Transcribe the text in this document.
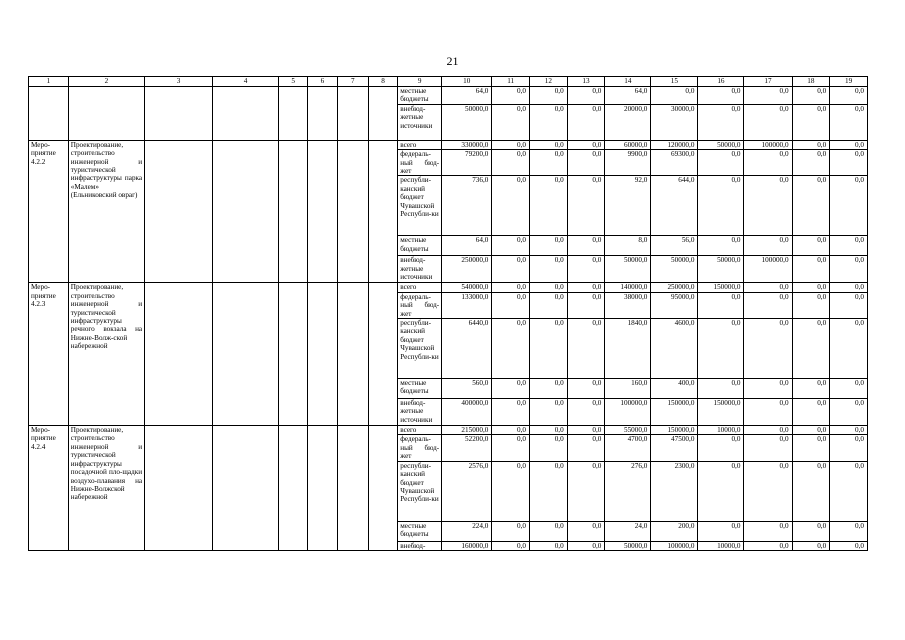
21
1	2	3	4	5	6	7	8	9	10	11	12	13	14	15	16	17	18	19
								местные бюджеты	64,0	0,0	0,0	0,0	64,0	0,0	0,0	0,0	0,0	0,0
								внебюд-жетные источники	50000,0	0,0	0,0	0,0	20000,0	30000,0	0,0	0,0	0,0	0,0
Меро-приятие 4.2.2	Проектирование, строительство инженерной и туристической инфраструктуры парка «Малем» (Ельниковский овраг)							всего	330000,0	0,0	0,0	0,0	60000,0	120000,0	50000,0	100000,0	0,0	0,0
								федераль-ный бюд-жет	79200,0	0,0	0,0	0,0	9900,0	69300,0	0,0	0,0	0,0	0,0
								республи-канский бюджет Чувашской Республи-ки	736,0	0,0	0,0	0,0	92,0	644,0	0,0	0,0	0,0	0,0
								местные бюджеты	64,0	0,0	0,0	0,0	8,0	56,0	0,0	0,0	0,0	0,0
								внебюд-жетные источники	250000,0	0,0	0,0	0,0	50000,0	50000,0	50000,0	100000,0	0,0	0,0
Меро-приятие 4.2.3	Проектирование, строительство инженерной и туристической инфраструктуры речного вокзала на Нижне-Волж-ской набережной							всего	540000,0	0,0	0,0	0,0	140000,0	250000,0	150000,0	0,0	0,0	0,0
								федераль-ный бюд-жет	133000,0	0,0	0,0	0,0	38000,0	95000,0	0,0	0,0	0,0	0,0
								республи-канский бюджет Чувашской Республи-ки	6440,0	0,0	0,0	0,0	1840,0	4600,0	0,0	0,0	0,0	0,0
								местные бюджеты	560,0	0,0	0,0	0,0	160,0	400,0	0,0	0,0	0,0	0,0
								внебюд-жетные источники	400000,0	0,0	0,0	0,0	100000,0	150000,0	150000,0	0,0	0,0	0,0
Меро-приятие 4.2.4	Проектирование, строительство инженерной и туристической инфраструктуры посадочной пло-щадки воздухо-плавания на Нижне-Волжской набережной							всего	215000,0	0,0	0,0	0,0	55000,0	150000,0	10000,0	0,0	0,0	0,0
								федераль-ный бюд-жет	52200,0	0,0	0,0	0,0	4700,0	47500,0	0,0	0,0	0,0	0,0
								республи-канский бюджет Чувашской Республи-ки	2576,0	0,0	0,0	0,0	276,0	2300,0	0,0	0,0	0,0	0,0
								местные бюджеты	224,0	0,0	0,0	0,0	24,0	200,0	0,0	0,0	0,0	0,0
								внебюд-	160000,0	0,0	0,0	0,0	50000,0	100000,0	10000,0	0,0	0,0	0,0
